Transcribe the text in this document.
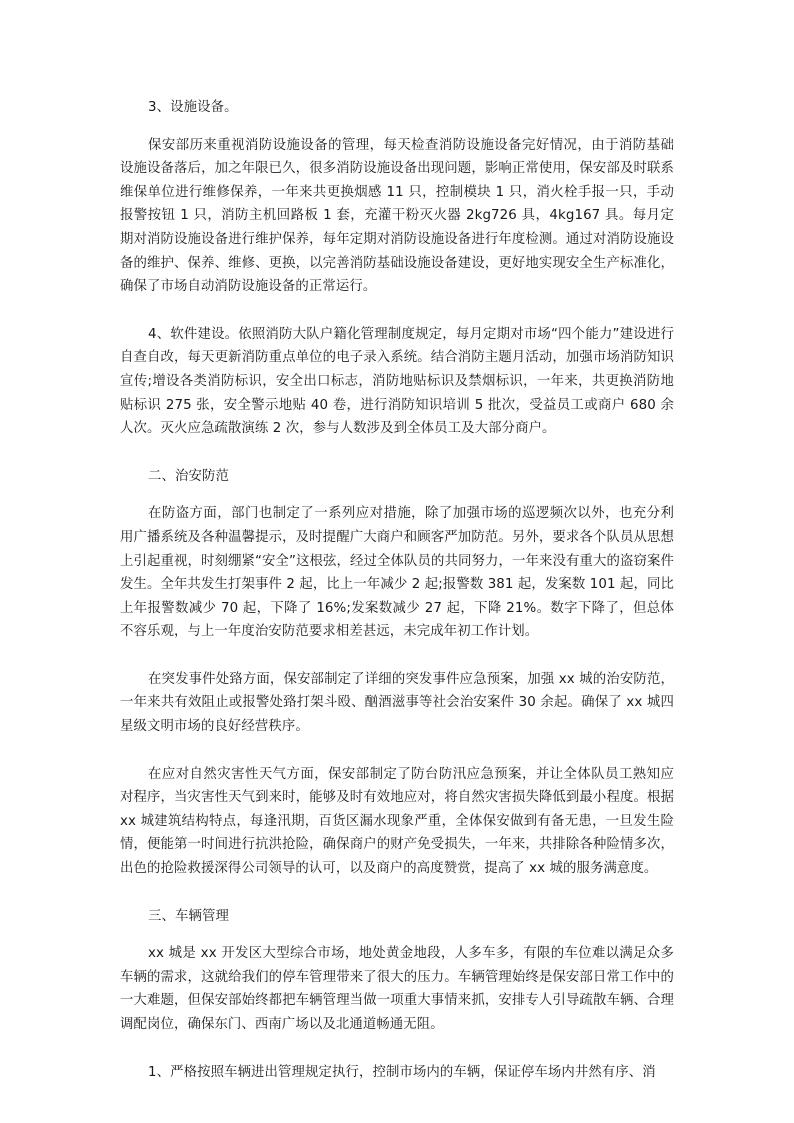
3、设施设备。

保安部历来重视消防设施设备的管理，每天检查消防设施设备完好情况，由于消防基础设施设备落后，加之年限已久，很多消防设施设备出现问题，影响正常使用，保安部及时联系维保单位进行维修保养，一年来共更换烟感 11 只，控制模块 1 只，消火栓手报一只，手动报警按钮 1 只，消防主机回路板 1 套，充灌干粉灭火器 2kg726 具，4kg167 具。每月定期对消防设施设备进行维护保养，每年定期对消防设施设备进行年度检测。通过对消防设施设备的维护、保养、维修、更换，以完善消防基础设施设备建设，更好地实现安全生产标准化，确保了市场自动消防设施设备的正常运行。

4、软件建设。依照消防大队户籍化管理制度规定，每月定期对市场“四个能力”建设进行自查自改，每天更新消防重点单位的电子录入系统。结合消防主题月活动，加强市场消防知识宣传;增设各类消防标识，安全出口标志，消防地贴标识及禁烟标识，一年来，共更换消防地贴标识 275 张，安全警示地贴 40 卷，进行消防知识培训 5 批次，受益员工或商户 680 余人次。灭火应急疏散演练 2 次，参与人数涉及到全体员工及大部分商户。

二、治安防范

在防盗方面，部门也制定了一系列应对措施，除了加强市场的巡逻频次以外，也充分利用广播系统及各种温馨提示，及时提醒广大商户和顾客严加防范。另外，要求各个队员从思想上引起重视，时刻绷紧“安全”这根弦，经过全体队员的共同努力，一年来没有重大的盗窃案件发生。全年共发生打架事件 2 起，比上一年减少 2 起;报警数 381 起，发案数 101 起，同比上年报警数减少 70 起，下降了 16%;发案数减少 27 起，下降 21%。数字下降了，但总体不容乐观，与上一年度治安防范要求相差甚远，未完成年初工作计划。

在突发事件处臵方面，保安部制定了详细的突发事件应急预案，加强 xx 城的治安防范，一年来共有效阻止或报警处臵打架斗殴、酗酒滋事等社会治安案件 30 余起。确保了 xx 城四星级文明市场的良好经营秩序。

在应对自然灾害性天气方面，保安部制定了防台防汛应急预案，并让全体队员工熟知应对程序，当灾害性天气到来时，能够及时有效地应对，将自然灾害损失降低到最小程度。根据 xx 城建筑结构特点，每逢汛期，百货区漏水现象严重，全体保安做到有备无患，一旦发生险情，便能第一时间进行抗洪抢险，确保商户的财产免受损失，一年来，共排除各种险情多次，出色的抢险救援深得公司领导的认可，以及商户的高度赞赏，提高了 xx 城的服务满意度。

三、车辆管理

xx 城是 xx 开发区大型综合市场，地处黄金地段，人多车多，有限的车位难以满足众多车辆的需求，这就给我们的停车管理带来了很大的压力。车辆管理始终是保安部日常工作中的一大难题，但保安部始终都把车辆管理当做一项重大事情来抓，安排专人引导疏散车辆、合理调配岗位，确保东门、西南广场以及北通道畅通无阻。

1、严格按照车辆进出管理规定执行，控制市场内的车辆，保证停车场内井然有序、消
